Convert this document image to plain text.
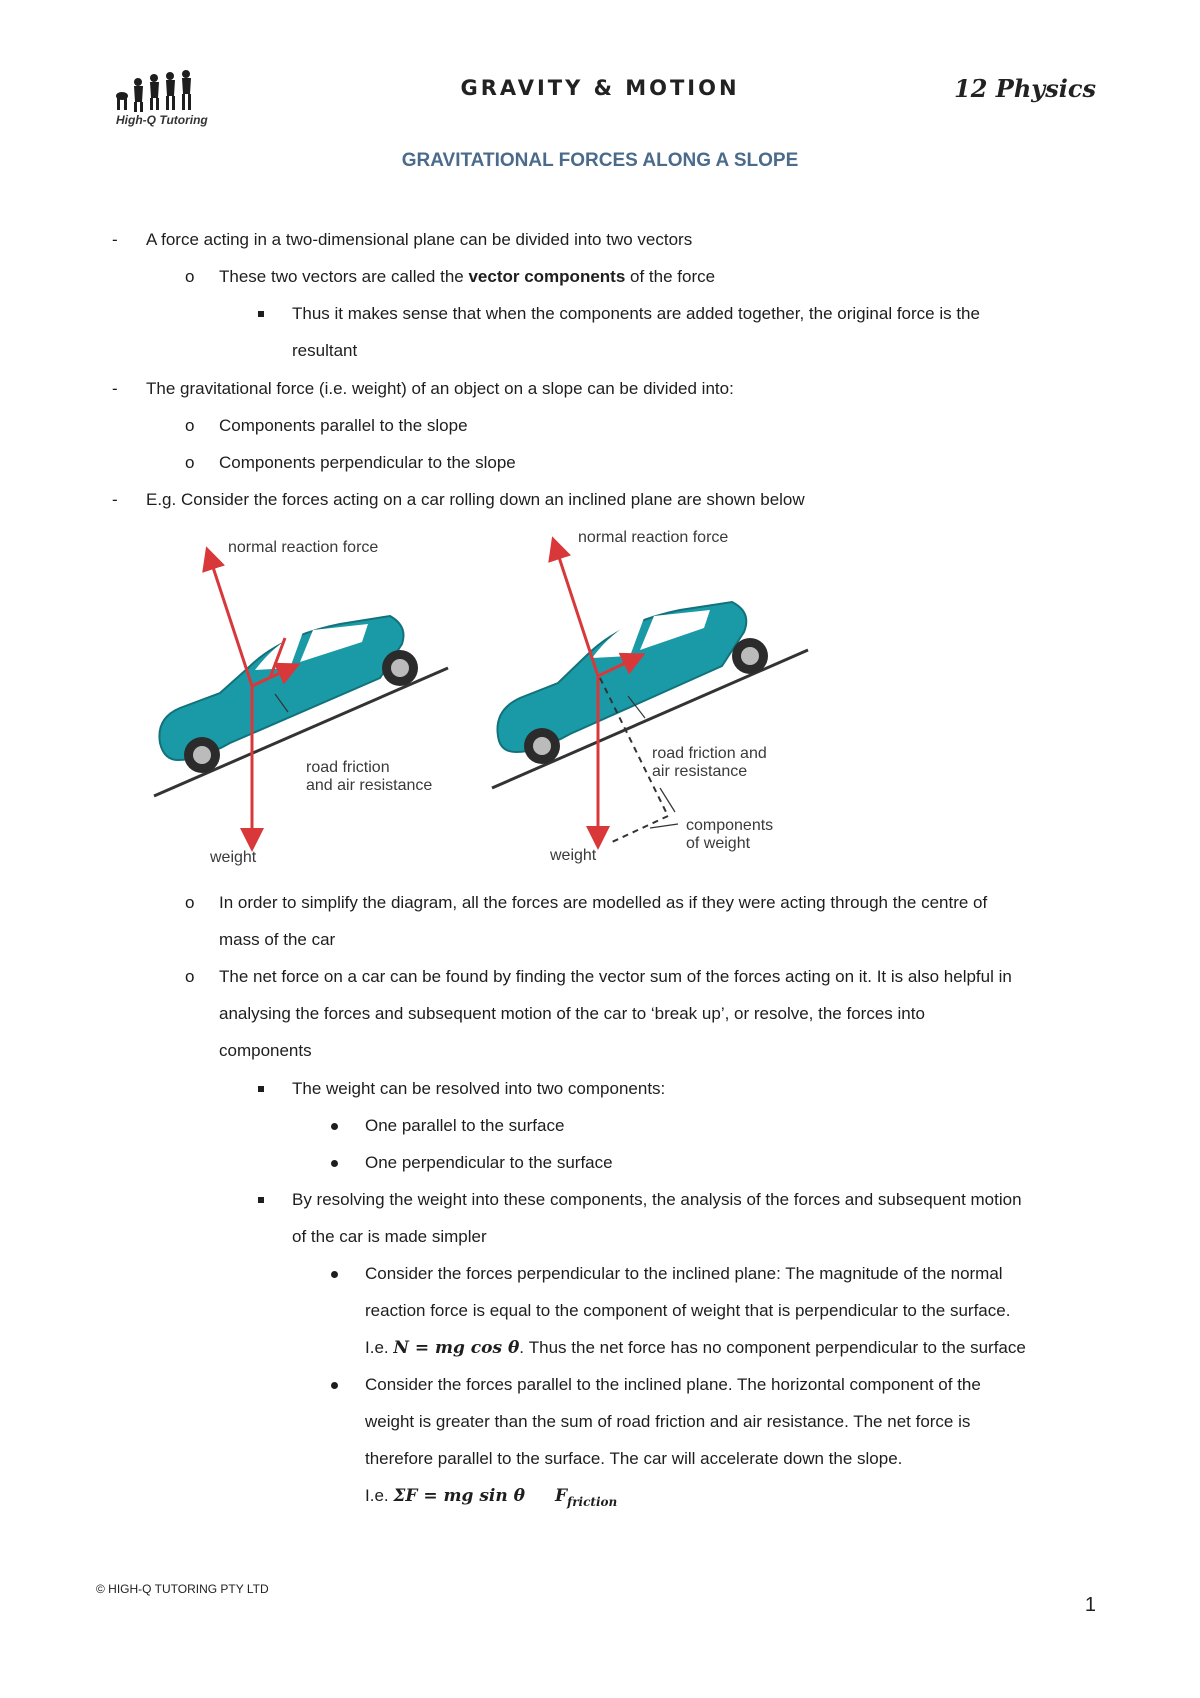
High-Q Tutoring
GRAVITY & MOTION	12 Physics
GRAVITATIONAL FORCES ALONG A SLOPE
- A force acting in a two-dimensional plane can be divided into two vectors
o These two vectors are called the vector components of the force
Thus it makes sense that when the components are added together, the original force is the
resultant
- The gravitational force (i.e. weight) of an object on a slope can be divided into:
o Components parallel to the slope
o Components perpendicular to the slope
- E.g. Consider the forces acting on a car rolling down an inclined plane are shown below
normal reaction force
road friction
and air resistance
weight
normal reaction force
road friction and
air resistance
components
of weight
weight
o In order to simplify the diagram, all the forces are modelled as if they were acting through the centre of
mass of the car
o The net force on a car can be found by finding the vector sum of the forces acting on it. It is also helpful in
analysing the forces and subsequent motion of the car to ‘break up’, or resolve, the forces into
components
The weight can be resolved into two components:
One parallel to the surface
One perpendicular to the surface
By resolving the weight into these components, the analysis of the forces and subsequent motion
of the car is made simpler
Consider the forces perpendicular to the inclined plane: The magnitude of the normal
reaction force is equal to the component of weight that is perpendicular to the surface.
I.e. N = mg cos θ. Thus the net force has no component perpendicular to the surface
Consider the forces parallel to the inclined plane. The horizontal component of the
weight is greater than the sum of road friction and air resistance. The net force is
therefore parallel to the surface. The car will accelerate down the slope.
I.e. ΣF = mg sin θ $F_{friction}$
© HIGH-Q TUTORING PTY LTD
1
